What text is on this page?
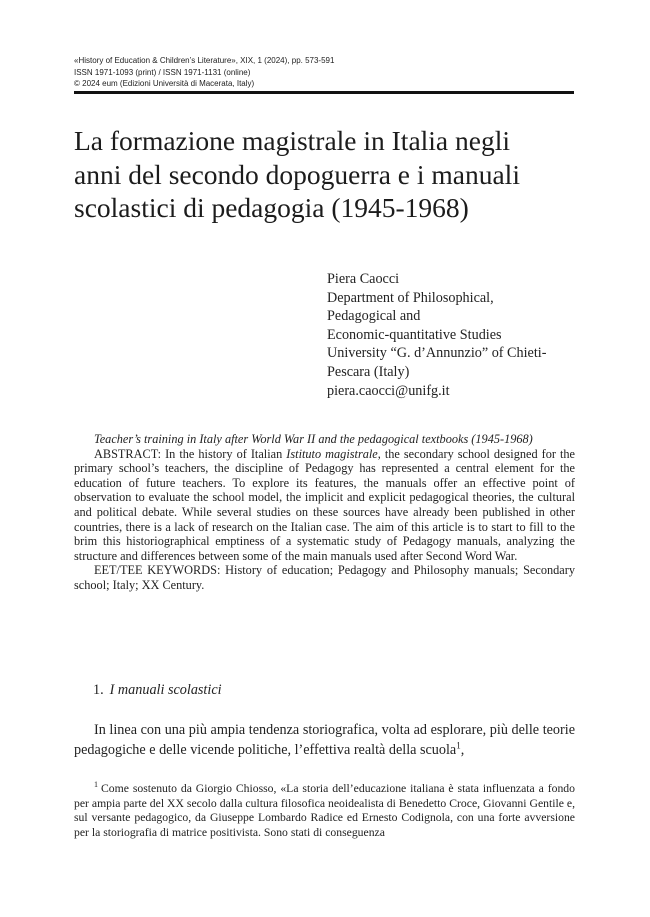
«History of Education & Children’s Literature», XIX, 1 (2024), pp. 573-591
ISSN 1971-1093 (print) / ISSN 1971-1131 (online)
© 2024 eum (Edizioni Università di Macerata, Italy)
La formazione magistrale in Italia negli
anni del secondo dopoguerra e i manuali
scolastici di pedagogia (1945-1968)
Piera Caocci
Department of Philosophical,
Pedagogical and
Economic-quantitative Studies
University “G. d’Annunzio” of Chieti-
Pescara (Italy)
piera.caocci@unifg.it

Teacher’s training in Italy after World War II and the pedagogical textbooks (1945-1968)

ABSTRACT: In the history of Italian Istituto magistrale, the secondary school designed for the primary school’s teachers, the discipline of Pedagogy has represented a central element for the education of future teachers. To explore its features, the manuals offer an effective point of observation to evaluate the school model, the implicit and explicit pedagogical theories, the cultural and political debate. While several studies on these sources have already been published in other countries, there is a lack of research on the Italian case. The aim of this article is to start to fill to the brim this historiographical emptiness of a systematic study of Pedagogy manuals, analyzing the structure and differences between some of the main manuals used after Second Word War.

EET/TEE KEYWORDS: History of education; Pedagogy and Philosophy manuals; Secondary school; Italy; XX Century.

1. I manuali scolastici

In linea con una più ampia tendenza storiografica, volta ad esplorare, più delle teorie pedagogiche e delle vicende politiche, l’effettiva realtà della scuola$^1$,

$^1$ Come sostenuto da Giorgio Chiosso, «La storia dell’educazione italiana è stata influenzata a fondo per ampia parte del XX secolo dalla cultura filosofica neoidealista di Benedetto Croce, Giovanni Gentile e, sul versante pedagogico, da Giuseppe Lombardo Radice ed Ernesto Codignola, con una forte avversione per la storiografia di matrice positivista. Sono stati di conseguenza
